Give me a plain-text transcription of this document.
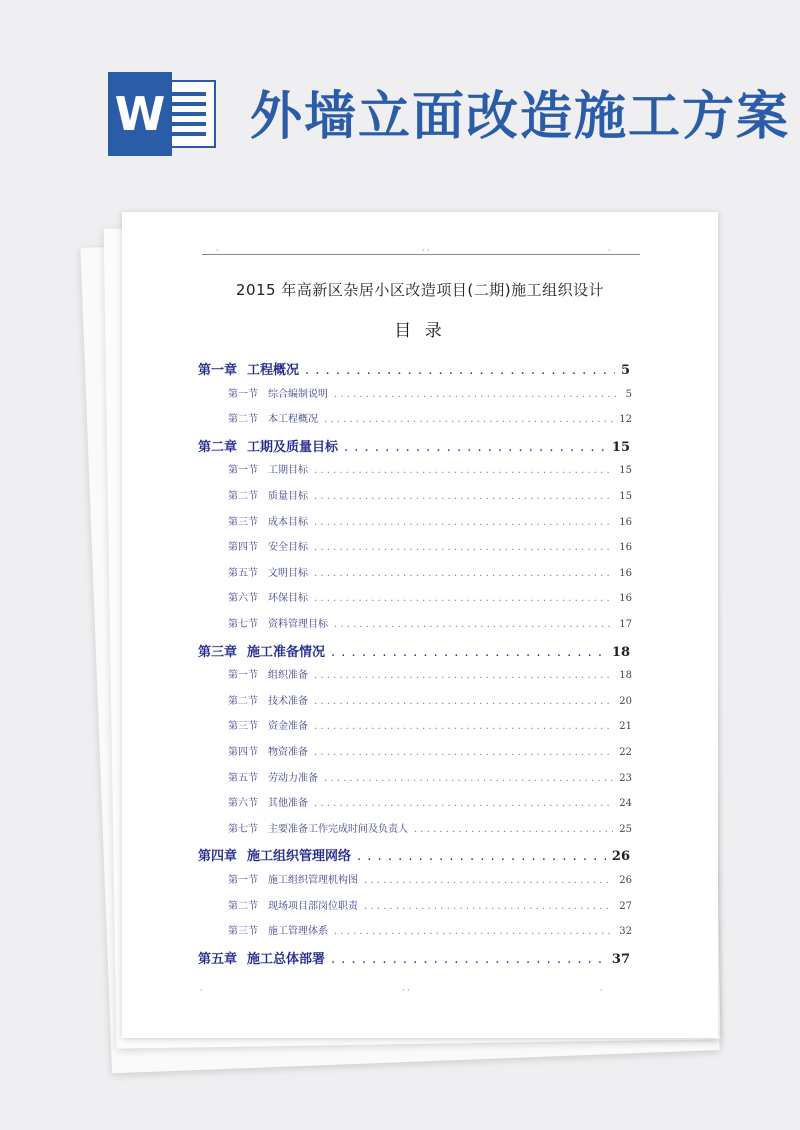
W 外墙立面改造施工方案
·	· ·	·
2015 年高新区杂居小区改造项目(二期)施工组织设计
目 录
第一章 工程概况 . . .	5
第一节 综合编制说明 . . .	5
第二节 本工程概况 . . .	12
第二章 工期及质量目标 . . .	15
第一节 工期目标 . . .	15
第二节 质量目标 . . .	15
第三节 成本目标 . . .	16
第四节 安全目标 . . .	16
第五节 文明目标 . . .	16
第六节 环保目标 . . .	16
第七节 资料管理目标 . . .	17
第三章 施工准备情况 . . .	18
第一节 组织准备 . . .	18
第二节 技术准备 . . .	20
第三节 资金准备 . . .	21
第四节 物资准备 . . .	22
第五节 劳动力准备 . . .	23
第六节 其他准备 . . .	24
第七节 主要准备工作完成时间及负责人 . . .	25
第四章 施工组织管理网络 . . .	26
第一节 施工组织管理机构图 . . .	26
第二节 现场项目部岗位职责 . . .	27
第三节 施工管理体系 . . .	32
第五章 施工总体部署 . . .	37
·	· ·	·
